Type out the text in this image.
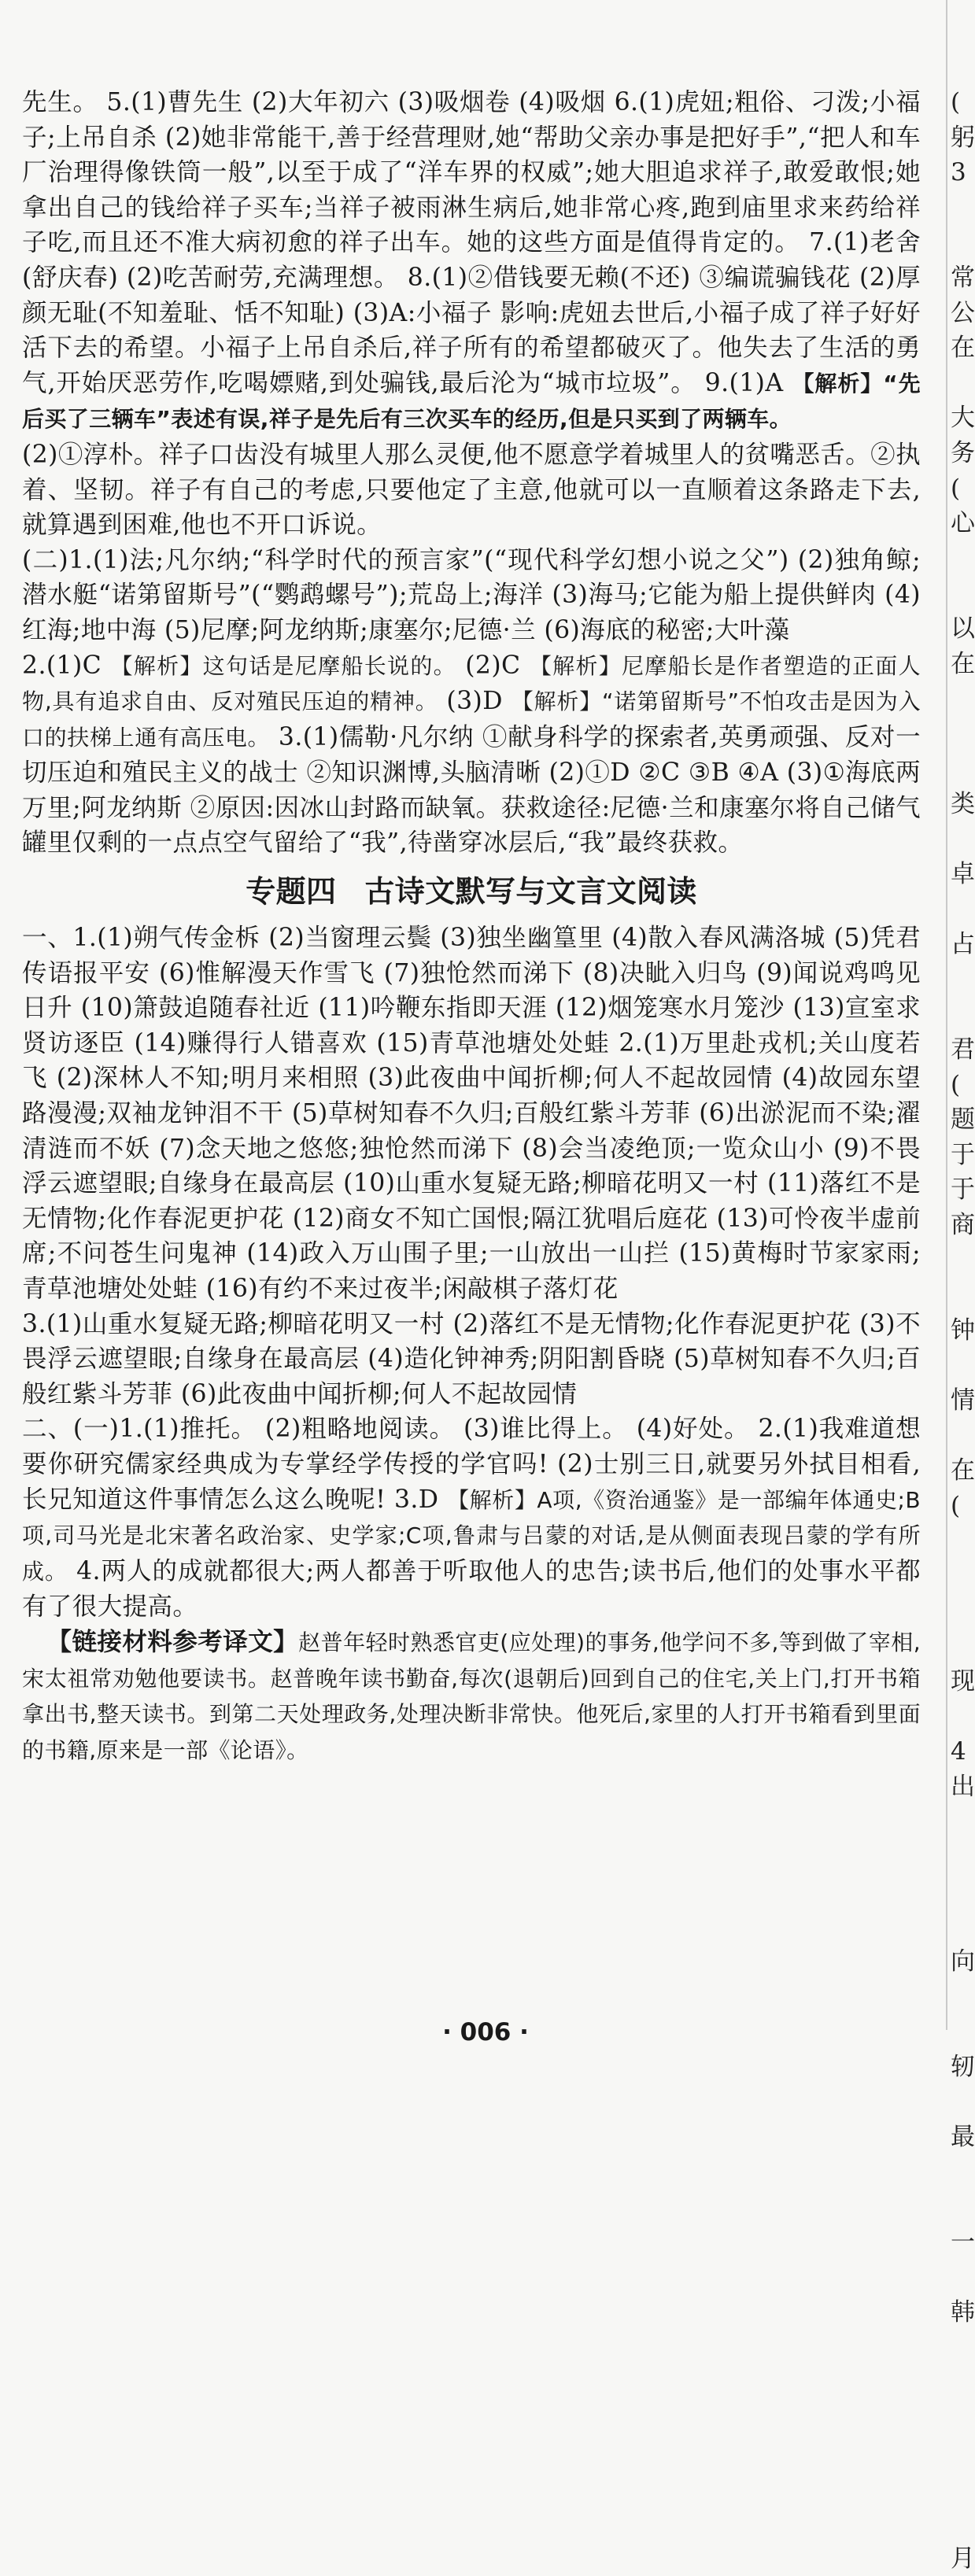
先生。 5.(1)曹先生 (2)大年初六 (3)吸烟卷 (4)吸烟 6.(1)虎妞;粗俗、刁泼;小福子;上吊自杀 (2)她非常能干,善于经营理财,她“帮助父亲办事是把好手”,“把人和车厂治理得像铁筒一般”,以至于成了“洋车界的权威”;她大胆追求祥子,敢爱敢恨;她拿出自己的钱给祥子买车;当祥子被雨淋生病后,她非常心疼,跑到庙里求来药给祥子吃,而且还不准大病初愈的祥子出车。她的这些方面是值得肯定的。 7.(1)老舍(舒庆春) (2)吃苦耐劳,充满理想。 8.(1)②借钱要无赖(不还) ③编谎骗钱花 (2)厚颜无耻(不知羞耻、恬不知耻) (3)A:小福子 影响:虎妞去世后,小福子成了祥子好好活下去的希望。小福子上吊自杀后,祥子所有的希望都破灭了。他失去了生活的勇气,开始厌恶劳作,吃喝嫖赌,到处骗钱,最后沦为“城市垃圾”。 9.(1)A 【解析】“先后买了三辆车”表述有误,祥子是先后有三次买车的经历,但是只买到了两辆车。

(2)①淳朴。祥子口齿没有城里人那么灵便,他不愿意学着城里人的贫嘴恶舌。②执着、坚韧。祥子有自己的考虑,只要他定了主意,他就可以一直顺着这条路走下去,就算遇到困难,他也不开口诉说。

(二)1.(1)法;凡尔纳;“科学时代的预言家”(“现代科学幻想小说之父”) (2)独角鲸;潜水艇“诺第留斯号”(“鹦鹉螺号”);荒岛上;海洋 (3)海马;它能为船上提供鲜肉 (4)红海;地中海 (5)尼摩;阿龙纳斯;康塞尔;尼德·兰 (6)海底的秘密;大叶藻

2.(1)C 【解析】这句话是尼摩船长说的。 (2)C 【解析】尼摩船长是作者塑造的正面人物,具有追求自由、反对殖民压迫的精神。 (3)D 【解析】“诺第留斯号”不怕攻击是因为入口的扶梯上通有高压电。 3.(1)儒勒·凡尔纳 ①献身科学的探索者,英勇顽强、反对一切压迫和殖民主义的战士 ②知识渊博,头脑清晰 (2)①D ②C ③B ④A (3)①海底两万里;阿龙纳斯 ②原因:因冰山封路而缺氧。获救途径:尼德·兰和康塞尔将自己储气罐里仅剩的一点点空气留给了“我”,待凿穿冰层后,“我”最终获救。

专题四 古诗文默写与文言文阅读

一、1.(1)朔气传金柝 (2)当窗理云鬓 (3)独坐幽篁里 (4)散入春风满洛城 (5)凭君传语报平安 (6)惟解漫天作雪飞 (7)独怆然而涕下 (8)决眦入归鸟 (9)闻说鸡鸣见日升 (10)箫鼓追随春社近 (11)吟鞭东指即天涯 (12)烟笼寒水月笼沙 (13)宣室求贤访逐臣 (14)赚得行人错喜欢 (15)青草池塘处处蛙 2.(1)万里赴戎机;关山度若飞 (2)深林人不知;明月来相照 (3)此夜曲中闻折柳;何人不起故园情 (4)故园东望路漫漫;双袖龙钟泪不干 (5)草树知春不久归;百般红紫斗芳菲 (6)出淤泥而不染;濯清涟而不妖 (7)念天地之悠悠;独怆然而涕下 (8)会当凌绝顶;一览众山小 (9)不畏浮云遮望眼;自缘身在最高层 (10)山重水复疑无路;柳暗花明又一村 (11)落红不是无情物;化作春泥更护花 (12)商女不知亡国恨;隔江犹唱后庭花 (13)可怜夜半虚前席;不问苍生问鬼神 (14)政入万山围子里;一山放出一山拦 (15)黄梅时节家家雨;青草池塘处处蛙 (16)有约不来过夜半;闲敲棋子落灯花

3.(1)山重水复疑无路;柳暗花明又一村 (2)落红不是无情物;化作春泥更护花 (3)不畏浮云遮望眼;自缘身在最高层 (4)造化钟神秀;阴阳割昏晓 (5)草树知春不久归;百般红紫斗芳菲 (6)此夜曲中闻折柳;何人不起故园情

二、(一)1.(1)推托。 (2)粗略地阅读。 (3)谁比得上。 (4)好处。 2.(1)我难道想要你研究儒家经典成为专掌经学传授的学官吗! (2)士别三日,就要另外拭目相看,长兄知道这件事情怎么这么晚呢! 3.D 【解析】A项,《资治通鉴》是一部编年体通史;B项,司马光是北宋著名政治家、史学家;C项,鲁肃与吕蒙的对话,是从侧面表现吕蒙的学有所成。 4.两人的成就都很大;两人都善于听取他人的忠告;读书后,他们的处事水平都有了很大提高。

【链接材料参考译文】赵普年轻时熟悉官吏(应处理)的事务,他学问不多,等到做了宰相,宋太祖常劝勉他要读书。赵普晚年读书勤奋,每次(退朝后)回到自己的住宅,关上门,打开书箱拿出书,整天读书。到第二天处理政务,处理决断非常快。他死后,家里的人打开书箱看到里面的书籍,原来是一部《论语》。

(
躬
3
常
公
在
大
务
(
心
以
在
类
卓
占
君
(
题
于
于
商
钟
情
在
(
现
4
出
向
轫
最
一
韩
月
· 006 ·
